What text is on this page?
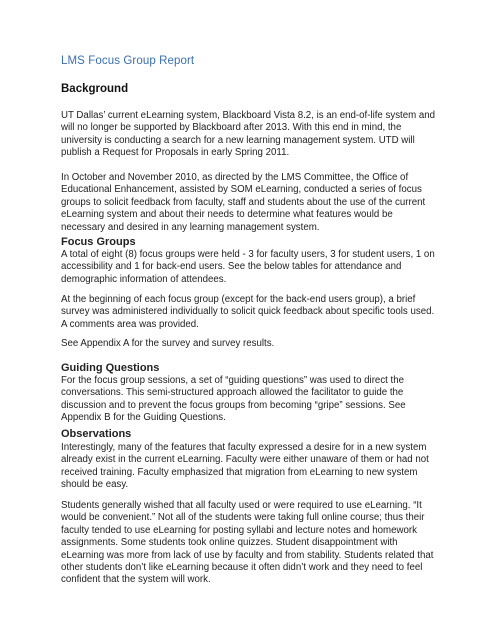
LMS Focus Group Report
Background
UT Dallas’ current eLearning system, Blackboard Vista 8.2, is an end-of-life system and
will no longer be supported by Blackboard after 2013. With this end in mind, the
university is conducting a search for a new learning management system. UTD will
publish a Request for Proposals in early Spring 2011.
In October and November 2010, as directed by the LMS Committee, the Office of
Educational Enhancement, assisted by SOM eLearning, conducted a series of focus
groups to solicit feedback from faculty, staff and students about the use of the current
eLearning system and about their needs to determine what features would be
necessary and desired in any learning management system.
Focus Groups
A total of eight (8) focus groups were held - 3 for faculty users, 3 for student users, 1 on
accessibility and 1 for back-end users. See the below tables for attendance and
demographic information of attendees.
At the beginning of each focus group (except for the back-end users group), a brief
survey was administered individually to solicit quick feedback about specific tools used.
A comments area was provided.
See Appendix A for the survey and survey results.
Guiding Questions
For the focus group sessions, a set of “guiding questions” was used to direct the
conversations. This semi-structured approach allowed the facilitator to guide the
discussion and to prevent the focus groups from becoming “gripe” sessions. See
Appendix B for the Guiding Questions.
Observations
Interestingly, many of the features that faculty expressed a desire for in a new system
already exist in the current eLearning. Faculty were either unaware of them or had not
received training. Faculty emphasized that migration from eLearning to new system
should be easy.
Students generally wished that all faculty used or were required to use eLearning. “It
would be convenient.” Not all of the students were taking full online course; thus their
faculty tended to use eLearning for posting syllabi and lecture notes and homework
assignments. Some students took online quizzes. Student disappointment with
eLearning was more from lack of use by faculty and from stability. Students related that
other students don’t like eLearning because it often didn’t work and they need to feel
confident that the system will work.
